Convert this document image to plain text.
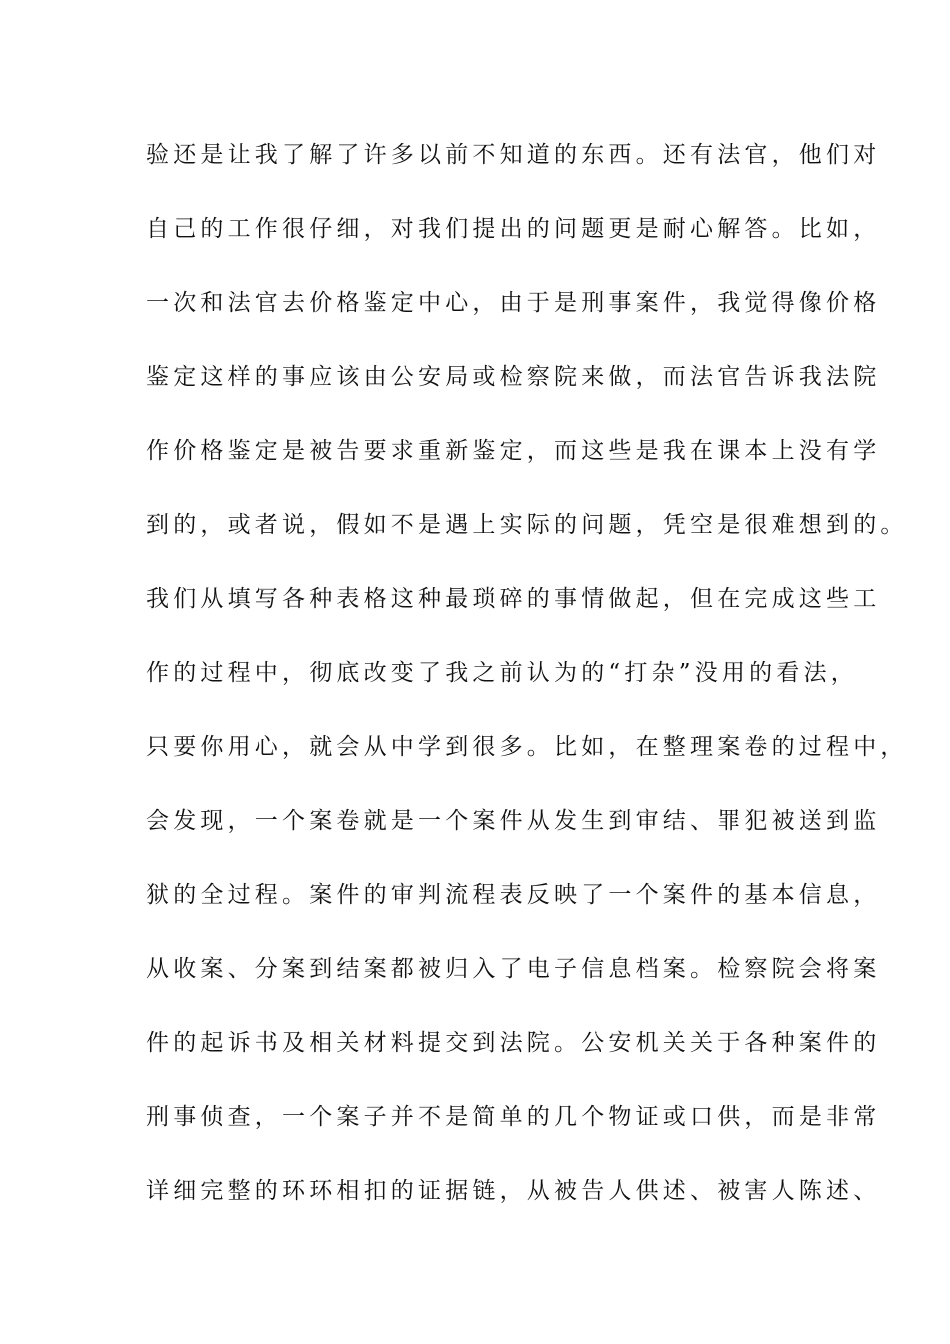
验还是让我了解了许多以前不知道的东西。还有法官，他们对
自己的工作很仔细，对我们提出的问题更是耐心解答。比如，
一次和法官去价格鉴定中心，由于是刑事案件，我觉得像价格
鉴定这样的事应该由公安局或检察院来做，而法官告诉我法院
作价格鉴定是被告要求重新鉴定，而这些是我在课本上没有学
到的，或者说，假如不是遇上实际的问题，凭空是很难想到的。
我们从填写各种表格这种最琐碎的事情做起，但在完成这些工
作的过程中，彻底改变了我之前认为的“打杂”没用的看法，
只要你用心，就会从中学到很多。比如，在整理案卷的过程中，
会发现，一个案卷就是一个案件从发生到审结、罪犯被送到监
狱的全过程。案件的审判流程表反映了一个案件的基本信息，
从收案、分案到结案都被归入了电子信息档案。检察院会将案
件的起诉书及相关材料提交到法院。公安机关关于各种案件的
刑事侦查，一个案子并不是简单的几个物证或口供，而是非常
详细完整的环环相扣的证据链，从被告人供述、被害人陈述、
